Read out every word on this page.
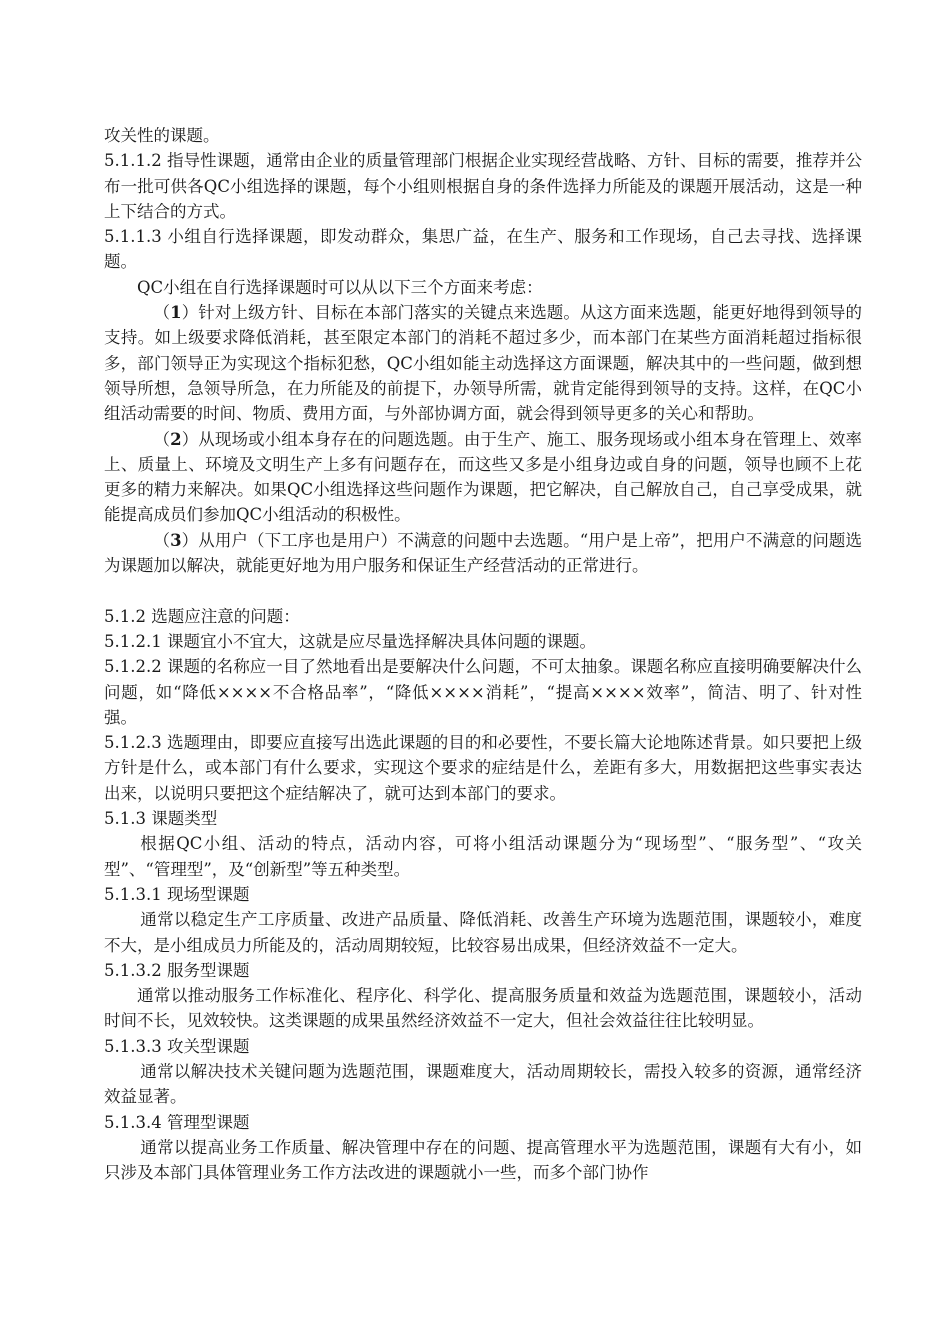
攻关性的课题。

5.1.1.2 指导性课题，通常由企业的质量管理部门根据企业实现经营战略、方针、目标的需要，推荐并公布一批可供各QC小组选择的课题，每个小组则根据自身的条件选择力所能及的课题开展活动，这是一种上下结合的方式。

5.1.1.3 小组自行选择课题，即发动群众，集思广益，在生产、服务和工作现场，自己去寻找、选择课题。

QC小组在自行选择课题时可以从以下三个方面来考虑：

（1）针对上级方针、目标在本部门落实的关键点来选题。从这方面来选题，能更好地得到领导的支持。如上级要求降低消耗，甚至限定本部门的消耗不超过多少，而本部门在某些方面消耗超过指标很多，部门领导正为实现这个指标犯愁，QC小组如能主动选择这方面课题，解决其中的一些问题，做到想领导所想，急领导所急，在力所能及的前提下，办领导所需，就肯定能得到领导的支持。这样，在QC小组活动需要的时间、物质、费用方面，与外部协调方面，就会得到领导更多的关心和帮助。

（2）从现场或小组本身存在的问题选题。由于生产、施工、服务现场或小组本身在管理上、效率上、质量上、环境及文明生产上多有问题存在，而这些又多是小组身边或自身的问题，领导也顾不上花更多的精力来解决。如果QC小组选择这些问题作为课题，把它解决，自己解放自己，自己享受成果，就能提高成员们参加QC小组活动的积极性。

（3）从用户（下工序也是用户）不满意的问题中去选题。“用户是上帝”，把用户不满意的问题选为课题加以解决，就能更好地为用户服务和保证生产经营活动的正常进行。

5.1.2 选题应注意的问题：

5.1.2.1 课题宜小不宜大，这就是应尽量选择解决具体问题的课题。

5.1.2.2 课题的名称应一目了然地看出是要解决什么问题，不可太抽象。课题名称应直接明确要解决什么问题，如“降低××××不合格品率”，“降低××××消耗”，“提高××××效率”，简洁、明了、针对性强。

5.1.2.3 选题理由，即要应直接写出选此课题的目的和必要性，不要长篇大论地陈述背景。如只要把上级方针是什么，或本部门有什么要求，实现这个要求的症结是什么，差距有多大，用数据把这些事实表达出来，以说明只要把这个症结解决了，就可达到本部门的要求。

5.1.3 课题类型

根据QC小组、活动的特点，活动内容，可将小组活动课题分为“现场型”、“服务型”、“攻关型”、“管理型”，及“创新型”等五种类型。

5.1.3.1 现场型课题

通常以稳定生产工序质量、改进产品质量、降低消耗、改善生产环境为选题范围，课题较小，难度不大，是小组成员力所能及的，活动周期较短，比较容易出成果，但经济效益不一定大。

5.1.3.2 服务型课题

通常以推动服务工作标准化、程序化、科学化、提高服务质量和效益为选题范围，课题较小，活动时间不长，见效较快。这类课题的成果虽然经济效益不一定大，但社会效益往往比较明显。

5.1.3.3 攻关型课题

通常以解决技术关键问题为选题范围，课题难度大，活动周期较长，需投入较多的资源，通常经济效益显著。

5.1.3.4 管理型课题

通常以提高业务工作质量、解决管理中存在的问题、提高管理水平为选题范围，课题有大有小，如只涉及本部门具体管理业务工作方法改进的课题就小一些，而多个部门协作
